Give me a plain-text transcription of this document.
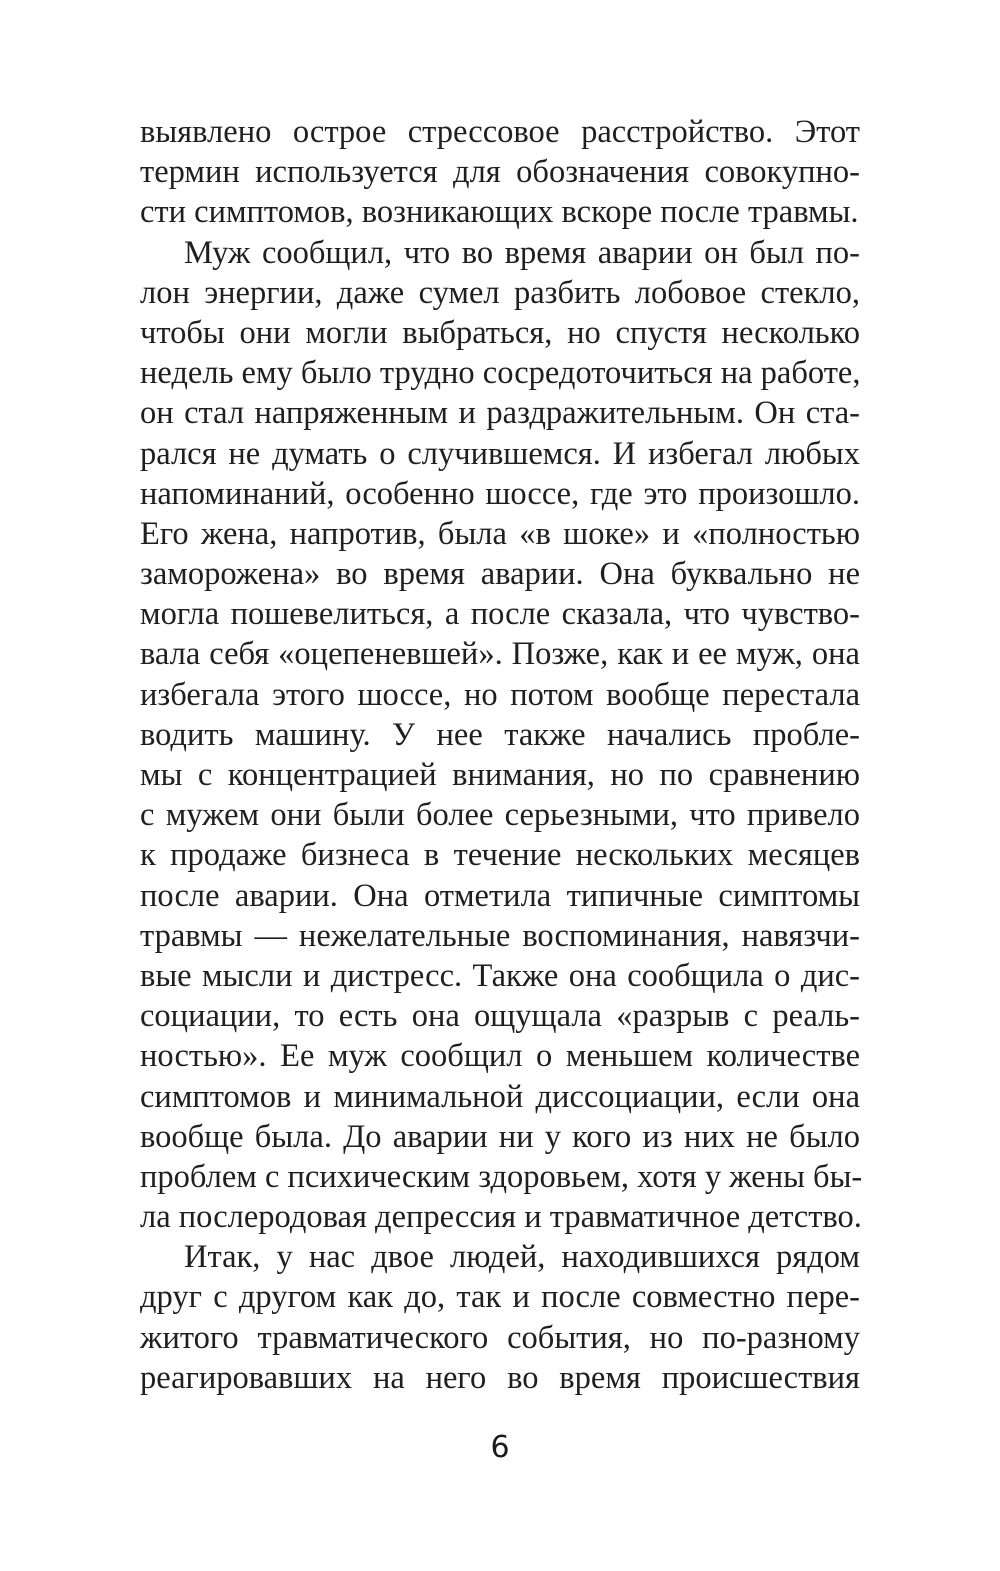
выявлено острое стрессовое расстройство. Этот
термин используется для обозначения совокупно-
сти симптомов, возникающих вскоре после травмы.
Муж сообщил, что во время аварии он был по-
лон энергии, даже сумел разбить лобовое стекло,
чтобы они могли выбраться, но спустя несколько
недель ему было трудно сосредоточиться на работе,
он стал напряженным и раздражительным. Он ста-
рался не думать о случившемся. И избегал любых
напоминаний, особенно шоссе, где это произошло.
Его жена, напротив, была «в шоке» и «полностью
заморожена» во время аварии. Она буквально не
могла пошевелиться, а после сказала, что чувство-
вала себя «оцепеневшей». Позже, как и ее муж, она
избегала этого шоссе, но потом вообще перестала
водить машину. У нее также начались пробле-
мы с концентрацией внимания, но по сравнению
с мужем они были более серьезными, что привело
к продаже бизнеса в течение нескольких месяцев
после аварии. Она отметила типичные симптомы
травмы — нежелательные воспоминания, навязчи-
вые мысли и дистресс. Также она сообщила о дис-
социации, то есть она ощущала «разрыв с реаль-
ностью». Ее муж сообщил о меньшем количестве
симптомов и минимальной диссоциации, если она
вообще была. До аварии ни у кого из них не было
проблем с психическим здоровьем, хотя у жены бы-
ла послеродовая депрессия и травматичное детство.
Итак, у нас двое людей, находившихся рядом
друг с другом как до, так и после совместно пере-
житого травматического события, но по-разному
реагировавших на него во время происшествия
6
